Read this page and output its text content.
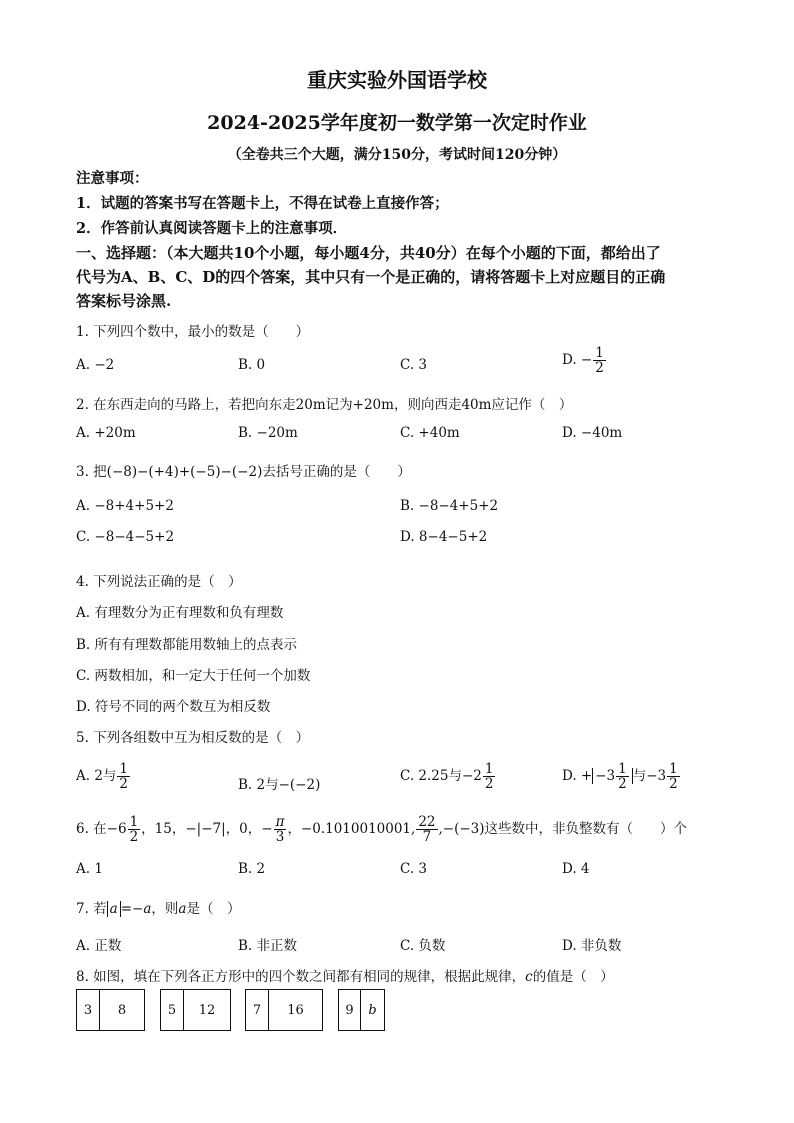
重庆实验外国语学校
2024-2025学年度初一数学第一次定时作业
（全卷共三个大题，满分150分，考试时间120分钟）
注意事项：
1．试题的答案书写在答题卡上，不得在试卷上直接作答；
2．作答前认真阅读答题卡上的注意事项．
一、选择题：（本大题共10个小题，每小题4分，共40分）在每个小题的下面，都给出了
代号为A、B、C、D的四个答案，其中只有一个是正确的，请将答题卡上对应题目的正确
答案标号涂黑.
1. 下列四个数中，最小的数是（　　）
A. −2	B. 0	C. 3	D. − $\frac{1}{2}$
2. 在东西走向的马路上，若把向东走20m记为+20m，则向西走40m应记作（　）
A. +20m	B. −20m	C. +40m	D. −40m
3. 把(−8)−(+4)+(−5)−(−2)去括号正确的是（　　）
A. −8+4+5+2	B. −8−4+5+2
C. −8−4−5+2	D. 8−4−5+2
4. 下列说法正确的是（　）
A. 有理数分为正有理数和负有理数
B. 所有有理数都能用数轴上的点表示
C. 两数相加，和一定大于任何一个加数
D. 符号不同的两个数互为相反数
5. 下列各组数中互为相反数的是（　）
A. 2与 $\frac{1}{2}$	B. 2与−(−2)
C. 2.25与$-2 \frac{1}{2}$	D. + $-3 \frac{1}{2}$ 与$-3 \frac{1}{2}$
6. 在$-6 \frac{1}{2}$ ，15，−|−7|，0，− $\frac{\pi}{3}$ ，−0.1010010001, $\frac{22}{7} ,-(-3)$这些数中，非负整数有（　　）个
A. 1	B. 2	C. 3	D. 4
7. 若 a =−a，则a是（　）
A. 正数	B. 非正数	C. 负数	D. 非负数
8. 如图，填在下列各正方形中的四个数之间都有相同的规律，根据此规律，c的值是（　）
3	8	5	12	7	16	9	b
